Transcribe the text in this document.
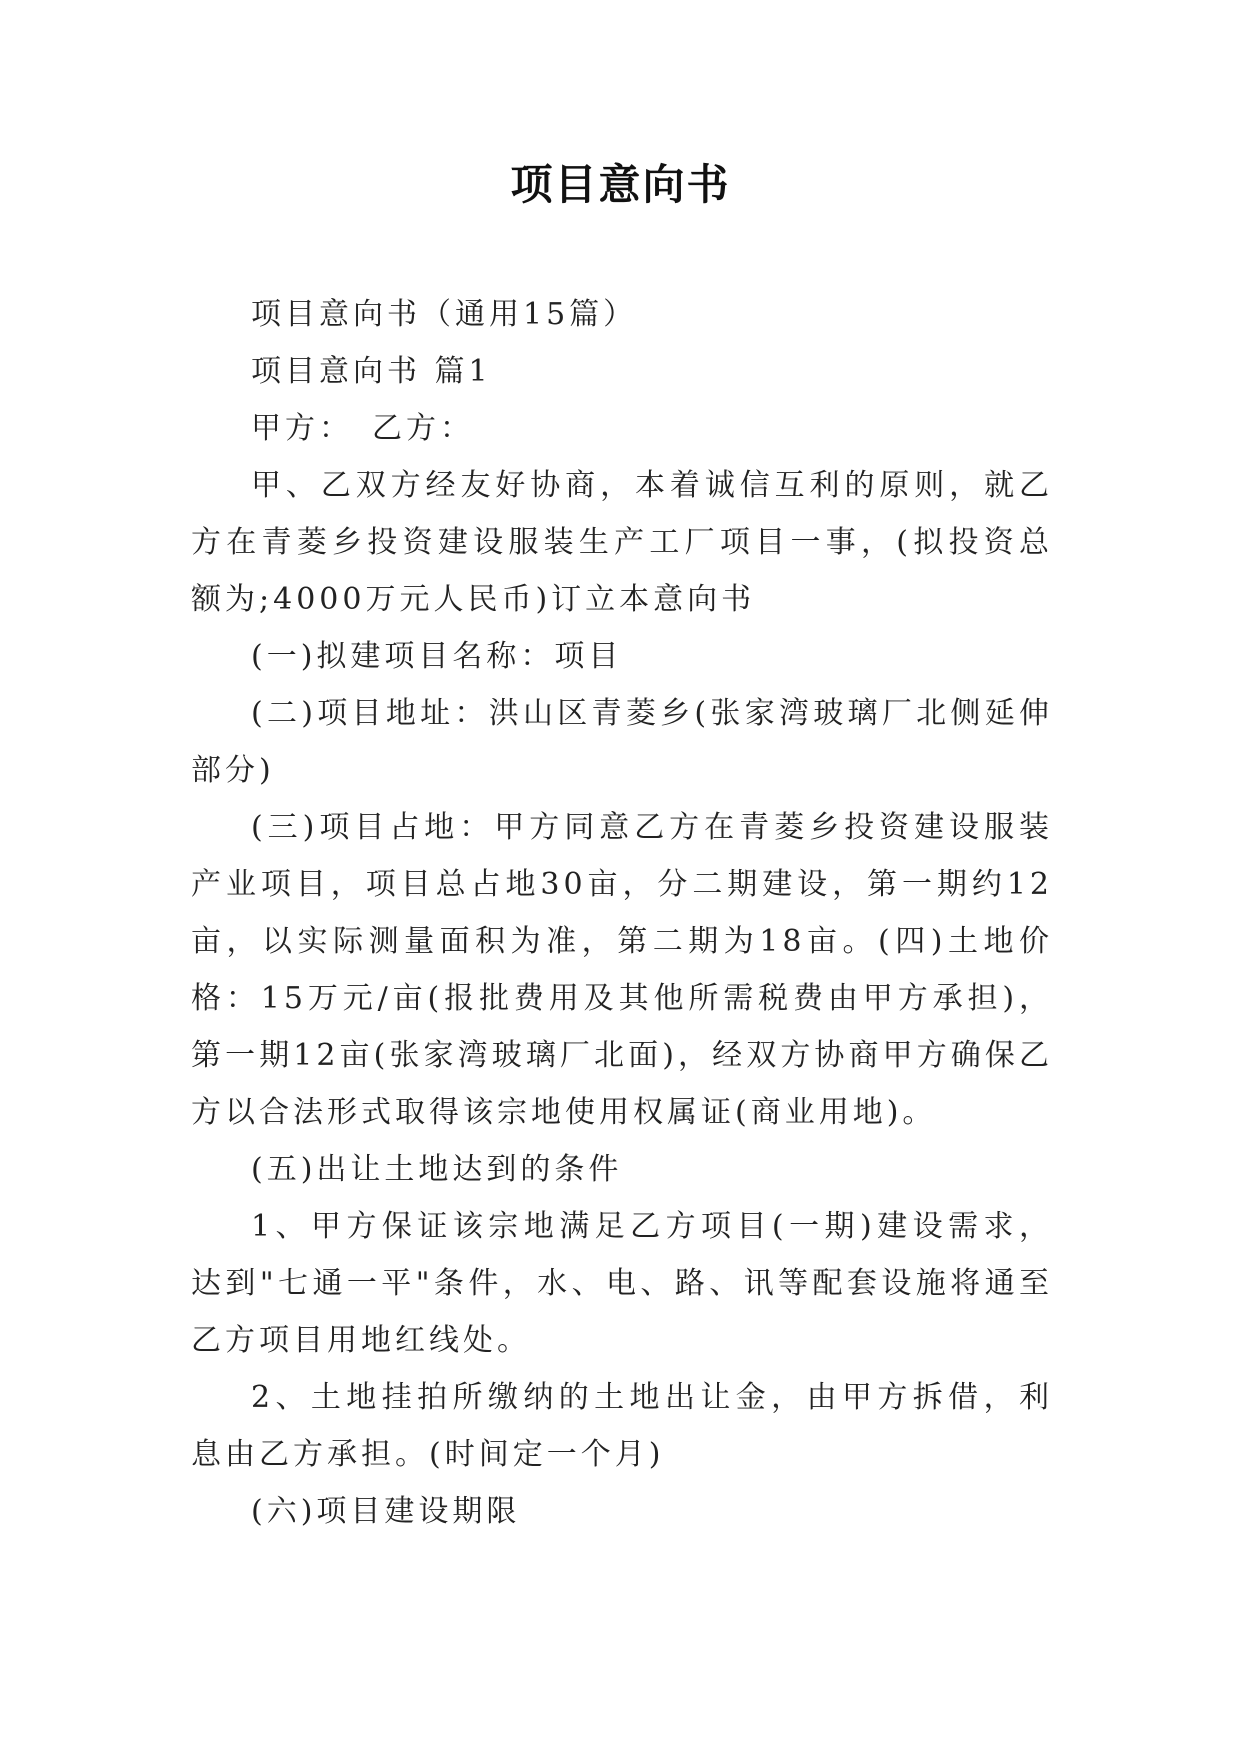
项目意向书

项目意向书（通用15篇）

项目意向书 篇1

甲方：　乙方：

甲、乙双方经友好协商，本着诚信互利的原则，就乙方在青菱乡投资建设服装生产工厂项目一事，(拟投资总额为;4000万元人民币)订立本意向书

(一)拟建项目名称：项目

(二)项目地址：洪山区青菱乡(张家湾玻璃厂北侧延伸部分)

(三)项目占地：甲方同意乙方在青菱乡投资建设服装产业项目，项目总占地30亩，分二期建设，第一期约12亩，以实际测量面积为准，第二期为18亩。(四)土地价格：15万元/亩(报批费用及其他所需税费由甲方承担)，第一期12亩(张家湾玻璃厂北面)，经双方协商甲方确保乙方以合法形式取得该宗地使用权属证(商业用地)。

(五)出让土地达到的条件

1、甲方保证该宗地满足乙方项目(一期)建设需求，达到"七通一平"条件，水、电、路、讯等配套设施将通至乙方项目用地红线处。

2、土地挂拍所缴纳的土地出让金，由甲方拆借，利息由乙方承担。(时间定一个月)

(六)项目建设期限
